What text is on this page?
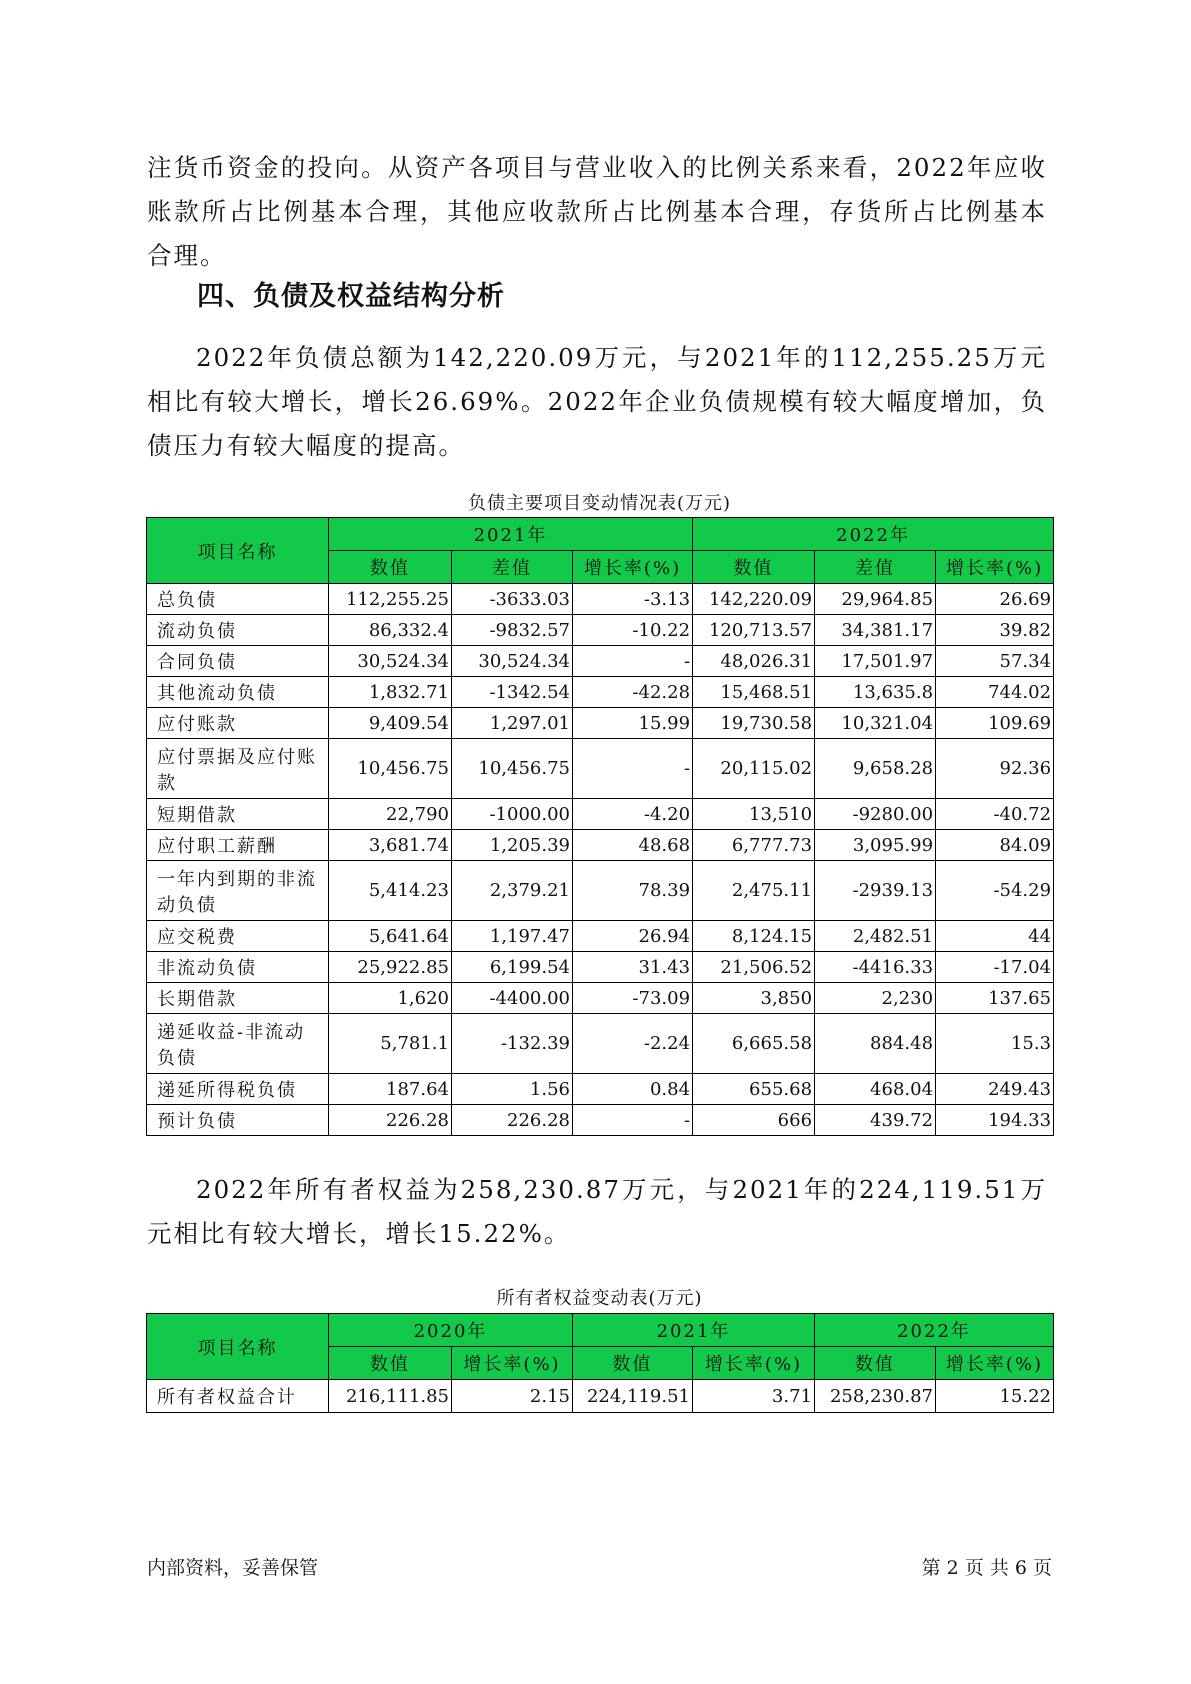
注货币资金的投向。从资产各项目与营业收入的比例关系来看，2022年应收账款所占比例基本合理，其他应收款所占比例基本合理，存货所占比例基本合理。

四、负债及权益结构分析

2022年负债总额为142,220.09万元，与2021年的112,255.25万元相比有较大增长，增长26.69%。2022年企业负债规模有较大幅度增加，负债压力有较大幅度的提高。

负债主要项目变动情况表(万元)

项目名称	2021年			2022年		
	数值	差值	增长率(%)	数值	差值	增长率(%)
总负债	112,255.25	-3633.03	-3.13	142,220.09	29,964.85	26.69
流动负债	86,332.4	-9832.57	-10.22	120,713.57	34,381.17	39.82
合同负债	30,524.34	30,524.34	-	48,026.31	17,501.97	57.34
其他流动负债	1,832.71	-1342.54	-42.28	15,468.51	13,635.8	744.02
应付账款	9,409.54	1,297.01	15.99	19,730.58	10,321.04	109.69
应付票据及应付账款	10,456.75	10,456.75	-	20,115.02	9,658.28	92.36
短期借款	22,790	-1000.00	-4.20	13,510	-9280.00	-40.72
应付职工薪酬	3,681.74	1,205.39	48.68	6,777.73	3,095.99	84.09
一年内到期的非流动负债	5,414.23	2,379.21	78.39	2,475.11	-2939.13	-54.29
应交税费	5,641.64	1,197.47	26.94	8,124.15	2,482.51	44
非流动负债	25,922.85	6,199.54	31.43	21,506.52	-4416.33	-17.04
长期借款	1,620	-4400.00	-73.09	3,850	2,230	137.65
递延收益-非流动负债	5,781.1	-132.39	-2.24	6,665.58	884.48	15.3
递延所得税负债	187.64	1.56	0.84	655.68	468.04	249.43
预计负债	226.28	226.28	-	666	439.72	194.33

2022年所有者权益为258,230.87万元，与2021年的224,119.51万元相比有较大增长，增长15.22%。

所有者权益变动表(万元)

项目名称	2020年		2021年		2022年	
	数值	增长率(%)	数值	增长率(%)	数值	增长率(%)
所有者权益合计	216,111.85	2.15	224,119.51	3.71	258,230.87	15.22
内部资料，妥善保管	第 2 页 共 6 页
